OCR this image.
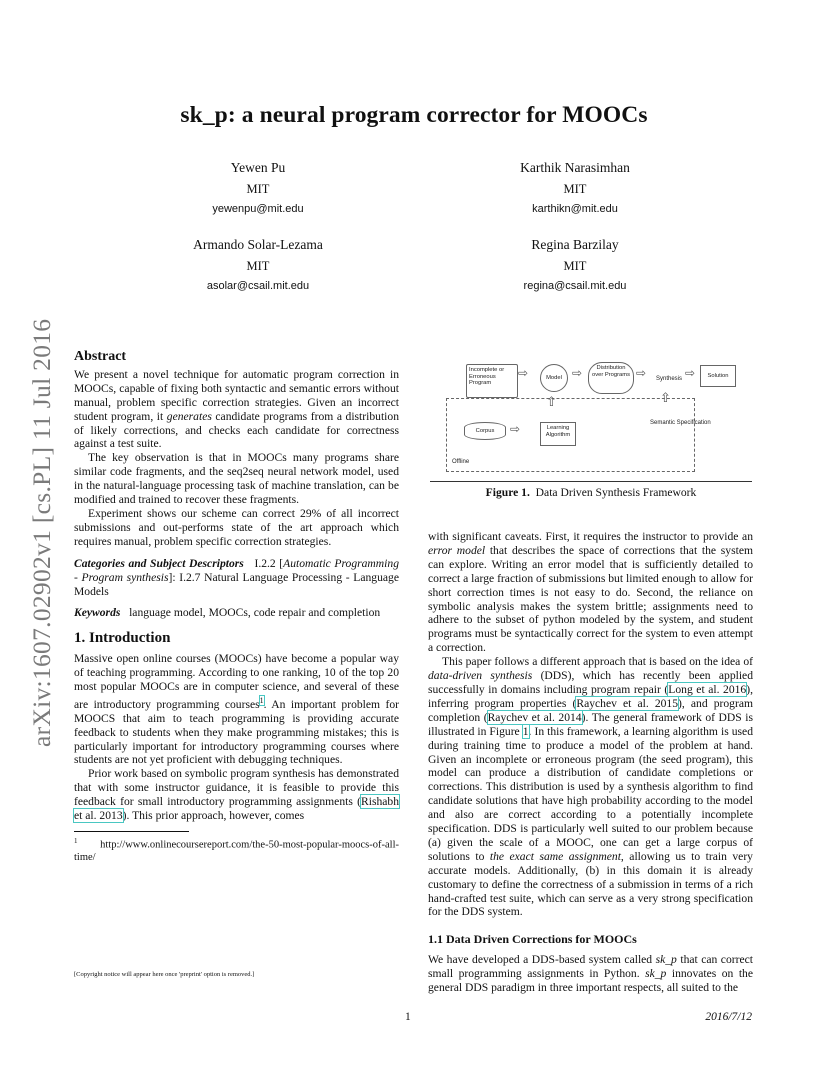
arXiv:1607.02902v1 [cs.PL] 11 Jul 2016
sk_p: a neural program corrector for MOOCs
Yewen Pu
MIT
yewenpu@mit.edu
Karthik Narasimhan
MIT
karthikn@mit.edu
Armando Solar-Lezama
MIT
asolar@csail.mit.edu
Regina Barzilay
MIT
regina@csail.mit.edu
Abstract

We present a novel technique for automatic program correction in MOOCs, capable of fixing both syntactic and semantic errors without manual, problem specific correction strategies. Given an incorrect student program, it generates candidate programs from a distribution of likely corrections, and checks each candidate for correctness against a test suite.

The key observation is that in MOOCs many programs share similar code fragments, and the seq2seq neural network model, used in the natural-language processing task of machine translation, can be modified and trained to recover these fragments.

Experiment shows our scheme can correct 29% of all incorrect submissions and out-performs state of the art approach which requires manual, problem specific correction strategies.

Categories and Subject Descriptors I.2.2 [Automatic Programming - Program synthesis]: I.2.7 Natural Language Processing - Language Models

Keywords language model, MOOCs, code repair and completion

1. Introduction

Massive open online courses (MOOCs) have become a popular way of teaching programming. According to one ranking, 10 of the top 20 most popular MOOCs are in computer science, and several of these are introductory programming courses$^1$. An important problem for MOOCS that aim to teach programming is providing accurate feedback to students when they make programming mistakes; this is particularly important for introductory programming courses where students are not yet proficient with debugging techniques.

Prior work based on symbolic program synthesis has demonstrated that with some instructor guidance, it is feasible to provide this feedback for small introductory programming assignments (Rishabh et al. 2013). This prior approach, however, comes

$^1$ http://www.onlinecoursereport.com/the-50-most-popular-moocs-of-all-time/

[Copyright notice will appear here once 'preprint' option is removed.]
Offline
Incomplete or Erroneous Program
⇨	Model ⇨	Distribution over Programs ⇨ Synthesis ⇨	Solution
⇧	⇧
Semantic Specification
Corpus	⇨	Learning Algorithm
Figure 1. Data Driven Synthesis Framework

with significant caveats. First, it requires the instructor to provide an error model that describes the space of corrections that the system can explore. Writing an error model that is sufficiently detailed to correct a large fraction of submissions but limited enough to allow for short correction times is not easy to do. Second, the reliance on symbolic analysis makes the system brittle; assignments need to adhere to the subset of python modeled by the system, and student programs must be syntactically correct for the system to even attempt a correction.

This paper follows a different approach that is based on the idea of data-driven synthesis (DDS), which has recently been applied successfully in domains including program repair (Long et al. 2016), inferring program properties (Raychev et al. 2015), and program completion (Raychev et al. 2014). The general framework of DDS is illustrated in Figure 1. In this framework, a learning algorithm is used during training time to produce a model of the problem at hand. Given an incomplete or erroneous program (the seed program), this model can produce a distribution of candidate completions or corrections. This distribution is used by a synthesis algorithm to find candidate solutions that have high probability according to the model and also are correct according to a potentially incomplete specification. DDS is particularly well suited to our problem because (a) given the scale of a MOOC, one can get a large corpus of solutions to the exact same assignment, allowing us to train very accurate models. Additionally, (b) in this domain it is already customary to define the correctness of a submission in terms of a rich hand-crafted test suite, which can serve as a very strong specification for the DDS system.

1.1 Data Driven Corrections for MOOCs

We have developed a DDS-based system called sk_p that can correct small programming assignments in Python. sk_p innovates on the general DDS paradigm in three important respects, all suited to the

1	2016/7/12
